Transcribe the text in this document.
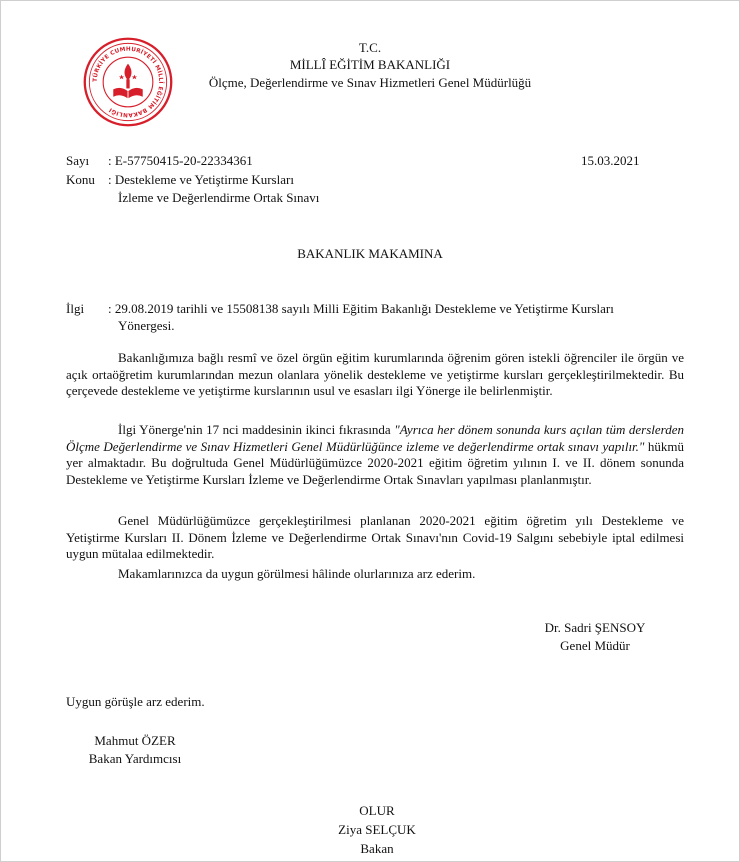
TÜRKİYE CUMHURİYETİ MİLLÎ EĞİTİM BAKANLIĞI
T.C.
MİLLÎ EĞİTİM BAKANLIĞI
Ölçme, Değerlendirme ve Sınav Hizmetleri Genel Müdürlüğü
Sayı : E-57750415-20-22334361	15.03.2021
Konu : Destekleme ve Yetiştirme Kursları
İzleme ve Değerlendirme Ortak Sınavı
BAKANLIK MAKAMINA
İlgi : 29.08.2019 tarihli ve 15508138 sayılı Milli Eğitim Bakanlığı Destekleme ve Yetiştirme Kursları
Yönergesi.
Bakanlığımıza bağlı resmî ve özel örgün eğitim kurumlarında öğrenim gören istekli öğrenciler ile örgün ve açık ortaöğretim kurumlarından mezun olanlara yönelik destekleme ve yetiştirme kursları gerçekleştirilmektedir. Bu çerçevede destekleme ve yetiştirme kurslarının usul ve esasları ilgi Yönerge ile belirlenmiştir.
İlgi Yönerge'nin 17 nci maddesinin ikinci fıkrasında "Ayrıca her dönem sonunda kurs açılan tüm derslerden Ölçme Değerlendirme ve Sınav Hizmetleri Genel Müdürlüğünce izleme ve değerlendirme ortak sınavı yapılır." hükmü yer almaktadır. Bu doğrultuda Genel Müdürlüğümüzce 2020-2021 eğitim öğretim yılının I. ve II. dönem sonunda Destekleme ve Yetiştirme Kursları İzleme ve Değerlendirme Ortak Sınavları yapılması planlanmıştır.
Genel Müdürlüğümüzce gerçekleştirilmesi planlanan 2020-2021 eğitim öğretim yılı Destekleme ve Yetiştirme Kursları II. Dönem İzleme ve Değerlendirme Ortak Sınavı'nın Covid-19 Salgını sebebiyle iptal edilmesi uygun mütalaa edilmektedir.
Makamlarınızca da uygun görülmesi hâlinde olurlarınıza arz ederim.
Dr. Sadri ŞENSOY
Genel Müdür
Uygun görüşle arz ederim.
Mahmut ÖZER
Bakan Yardımcısı
OLUR
Ziya SELÇUK
Bakan
